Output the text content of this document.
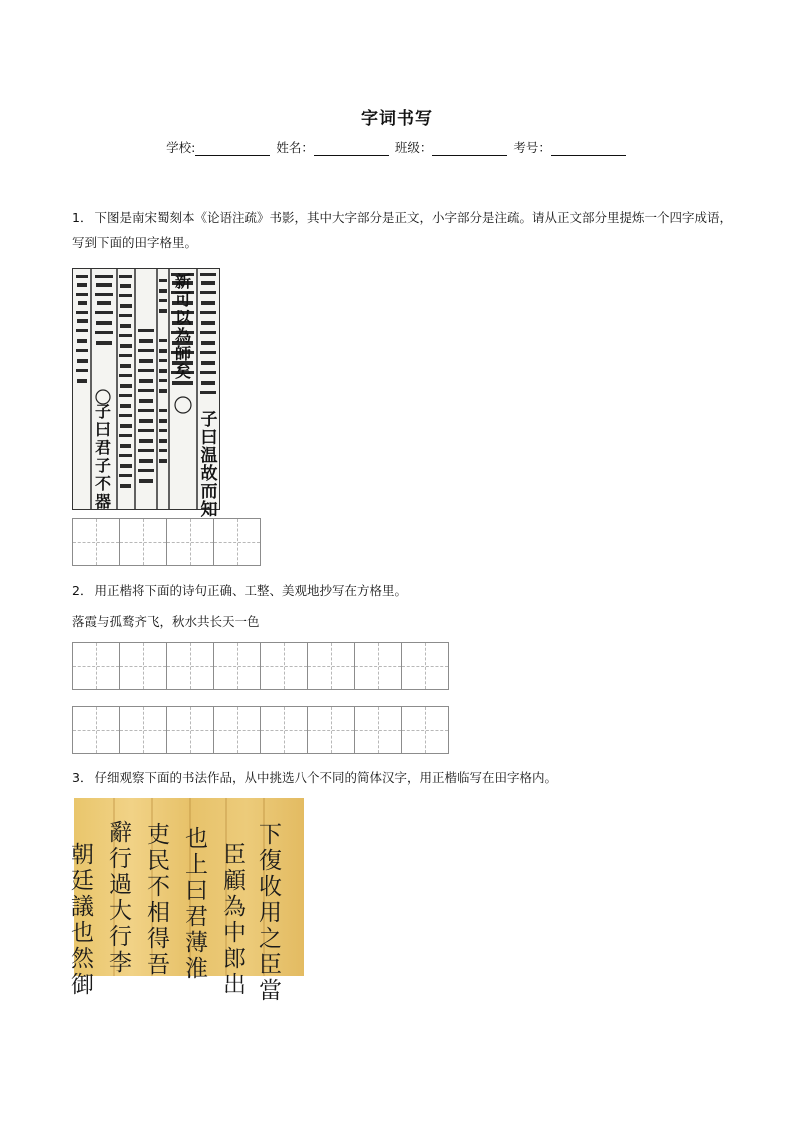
字词书写
学校:	姓名：	班级：	考号：
1． 下图是南宋蜀刻本《论语注疏》书影，其中大字部分是正文，小字部分是注疏。请从正文部分里提炼一个四字成语，写到下面的田字格里。
子
曰
温
故
而
知
新
可
以
為
師
矣
子
曰
君
子
不
器
2． 用正楷将下面的诗句正确、工整、美观地抄写在方格里。
落霞与孤鹜齐飞，秋水共长天一色
3． 仔细观察下面的书法作品，从中挑选八个不同的简体汉字，用正楷临写在田字格内。
下復收用之臣當
臣顧為中郎出
也上曰君薄淮
吏民不相得吾
辭行過大行李
朝廷議也然御
